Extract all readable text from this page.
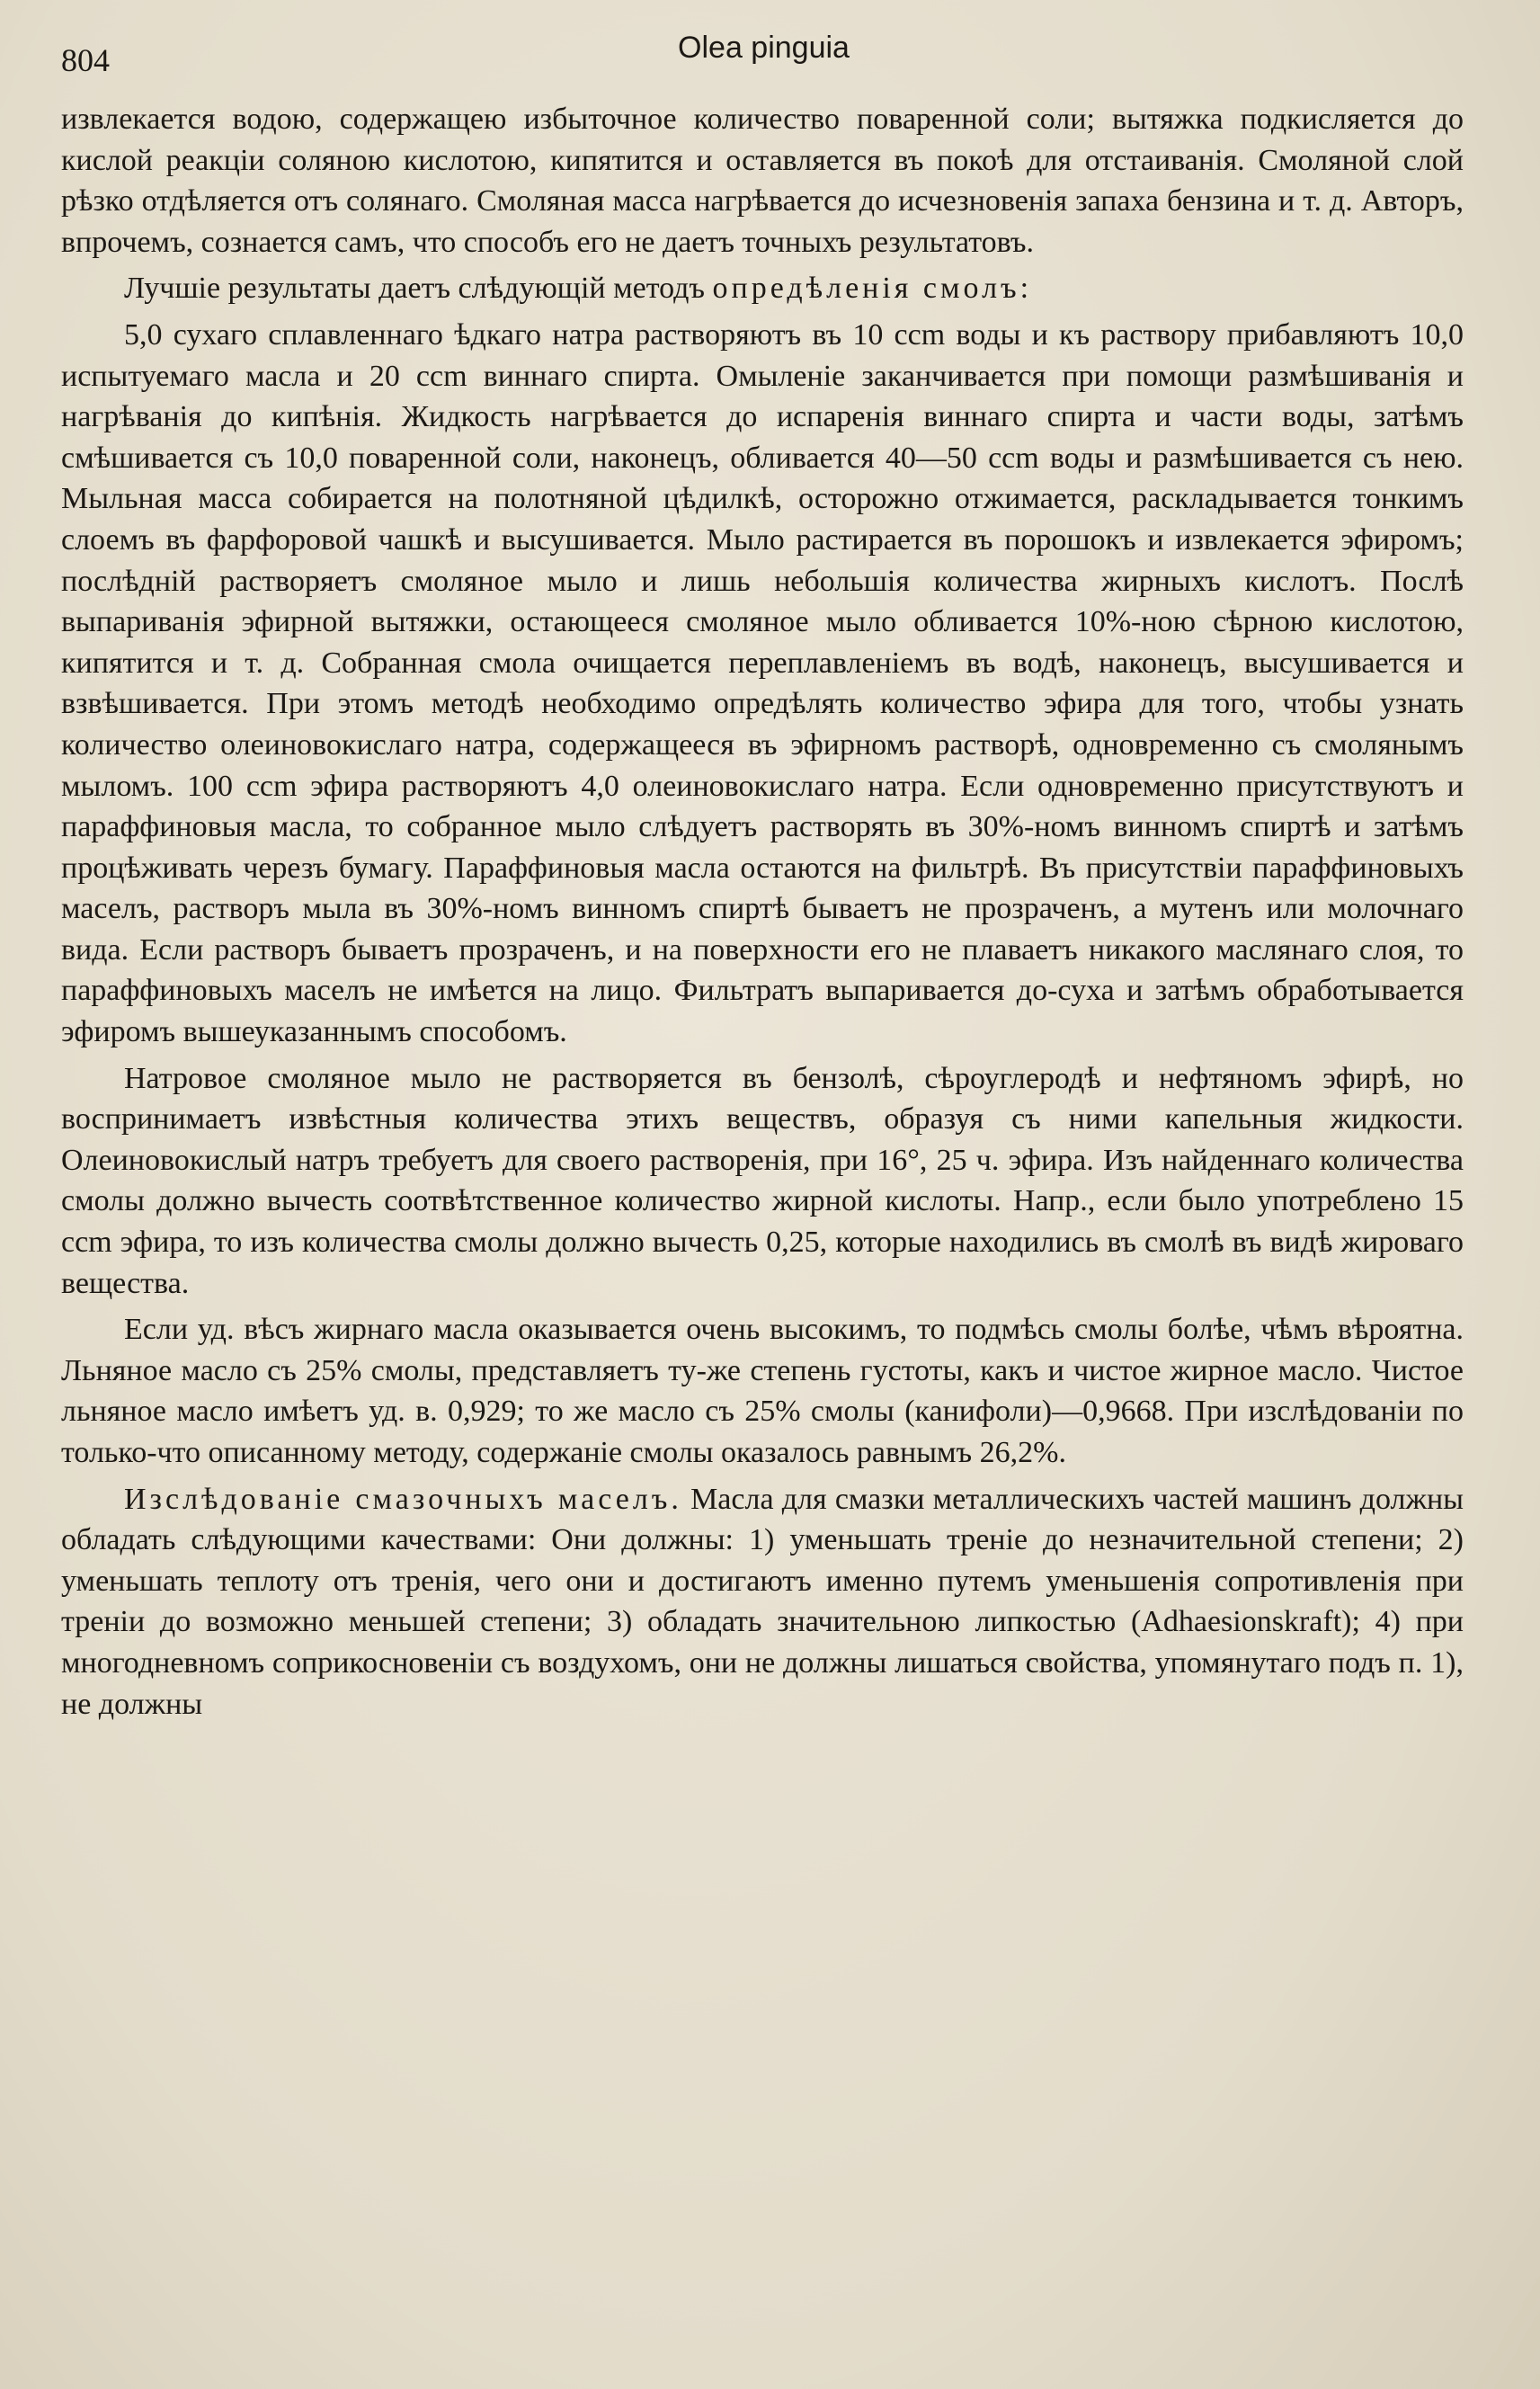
804	Olea pinguia

извлекается водою, содержащею избыточное количество поваренной соли; вытяжка подкисляется до кислой реакціи соляною кислотою, кипятится и оставляется въ покоѣ для отстаиванія. Смоляной слой рѣзко отдѣляется отъ солянаго. Смоляная масса нагрѣвается до исчезновенія запаха бензина и т. д. Авторъ, впрочемъ, сознается самъ, что способъ его не даетъ точныхъ результатовъ.

Лучшіе результаты даетъ слѣдующій методъ опредѣленія смолъ:

5,0 сухаго сплавленнаго ѣдкаго натра растворяютъ въ 10 ccm воды и къ раствору прибавляютъ 10,0 испытуемаго масла и 20 ccm виннаго спирта. Омыленіе заканчивается при помощи размѣшиванія и нагрѣванія до кипѣнія. Жидкость нагрѣвается до испаренія виннаго спирта и части воды, затѣмъ смѣшивается съ 10,0 поваренной соли, наконецъ, обливается 40—50 ccm воды и размѣшивается съ нею. Мыльная масса собирается на полотняной цѣдилкѣ, осторожно отжимается, раскладывается тонкимъ слоемъ въ фарфоровой чашкѣ и высушивается. Мыло растирается въ порошокъ и извлекается эфиромъ; послѣдній растворяетъ смоляное мыло и лишь небольшія количества жирныхъ кислотъ. Послѣ выпариванія эфирной вытяжки, остающееся смоляное мыло обливается 10%-ною сѣрною кислотою, кипятится и т. д. Собранная смола очищается переплавленіемъ въ водѣ, наконецъ, высушивается и взвѣшивается. При этомъ методѣ необходимо опредѣлять количество эфира для того, чтобы узнать количество олеиновокислаго натра, содержащееся въ эфирномъ растворѣ, одновременно съ смолянымъ мыломъ. 100 ccm эфира растворяютъ 4,0 олеиновокислаго натра. Если одновременно присутствуютъ и параффиновыя масла, то собранное мыло слѣдуетъ растворять въ 30%-номъ винномъ спиртѣ и затѣмъ процѣживать черезъ бумагу. Параффиновыя масла остаются на фильтрѣ. Въ присутствіи параффиновыхъ маселъ, растворъ мыла въ 30%-номъ винномъ спиртѣ бываетъ не прозраченъ, а мутенъ или молочнаго вида. Если растворъ бываетъ прозраченъ, и на поверхности его не плаваетъ никакого маслянаго слоя, то параффиновыхъ маселъ не имѣется на лицо. Фильтратъ выпаривается до-суха и затѣмъ обработывается эфиромъ вышеуказаннымъ способомъ.

Натровое смоляное мыло не растворяется въ бензолѣ, сѣроуглеродѣ и нефтяномъ эфирѣ, но воспринимаетъ извѣстныя количества этихъ веществъ, образуя съ ними капельныя жидкости. Олеиновокислый натръ требуетъ для своего растворенія, при 16°, 25 ч. эфира. Изъ найденнаго количества смолы должно вычесть соотвѣтственное количество жирной кислоты. Напр., если было употреблено 15 ccm эфира, то изъ количества смолы должно вычесть 0,25, которые находились въ смолѣ въ видѣ жироваго вещества.

Если уд. вѣсъ жирнаго масла оказывается очень высокимъ, то подмѣсь смолы болѣе, чѣмъ вѣроятна. Льняное масло съ 25% смолы, представляетъ ту-же степень густоты, какъ и чистое жирное масло. Чистое льняное масло имѣетъ уд. в. 0,929; то же масло съ 25% смолы (канифоли)—0,9668. При изслѣдованіи по только-что описанному методу, содержаніе смолы оказалось равнымъ 26,2%.

Изслѣдованіе смазочныхъ маселъ. Масла для смазки металлическихъ частей машинъ должны обладать слѣдующими качествами: Они должны: 1) уменьшать треніе до незначительной степени; 2) уменьшать теплоту отъ тренія, чего они и достигаютъ именно путемъ уменьшенія сопротивленія при треніи до возможно меньшей степени; 3) обладать значительною липкостью (Adhaesionskraft); 4) при многодневномъ соприкосновеніи съ воздухомъ, они не должны лишаться свойства, упомянутаго подъ п. 1), не должны
